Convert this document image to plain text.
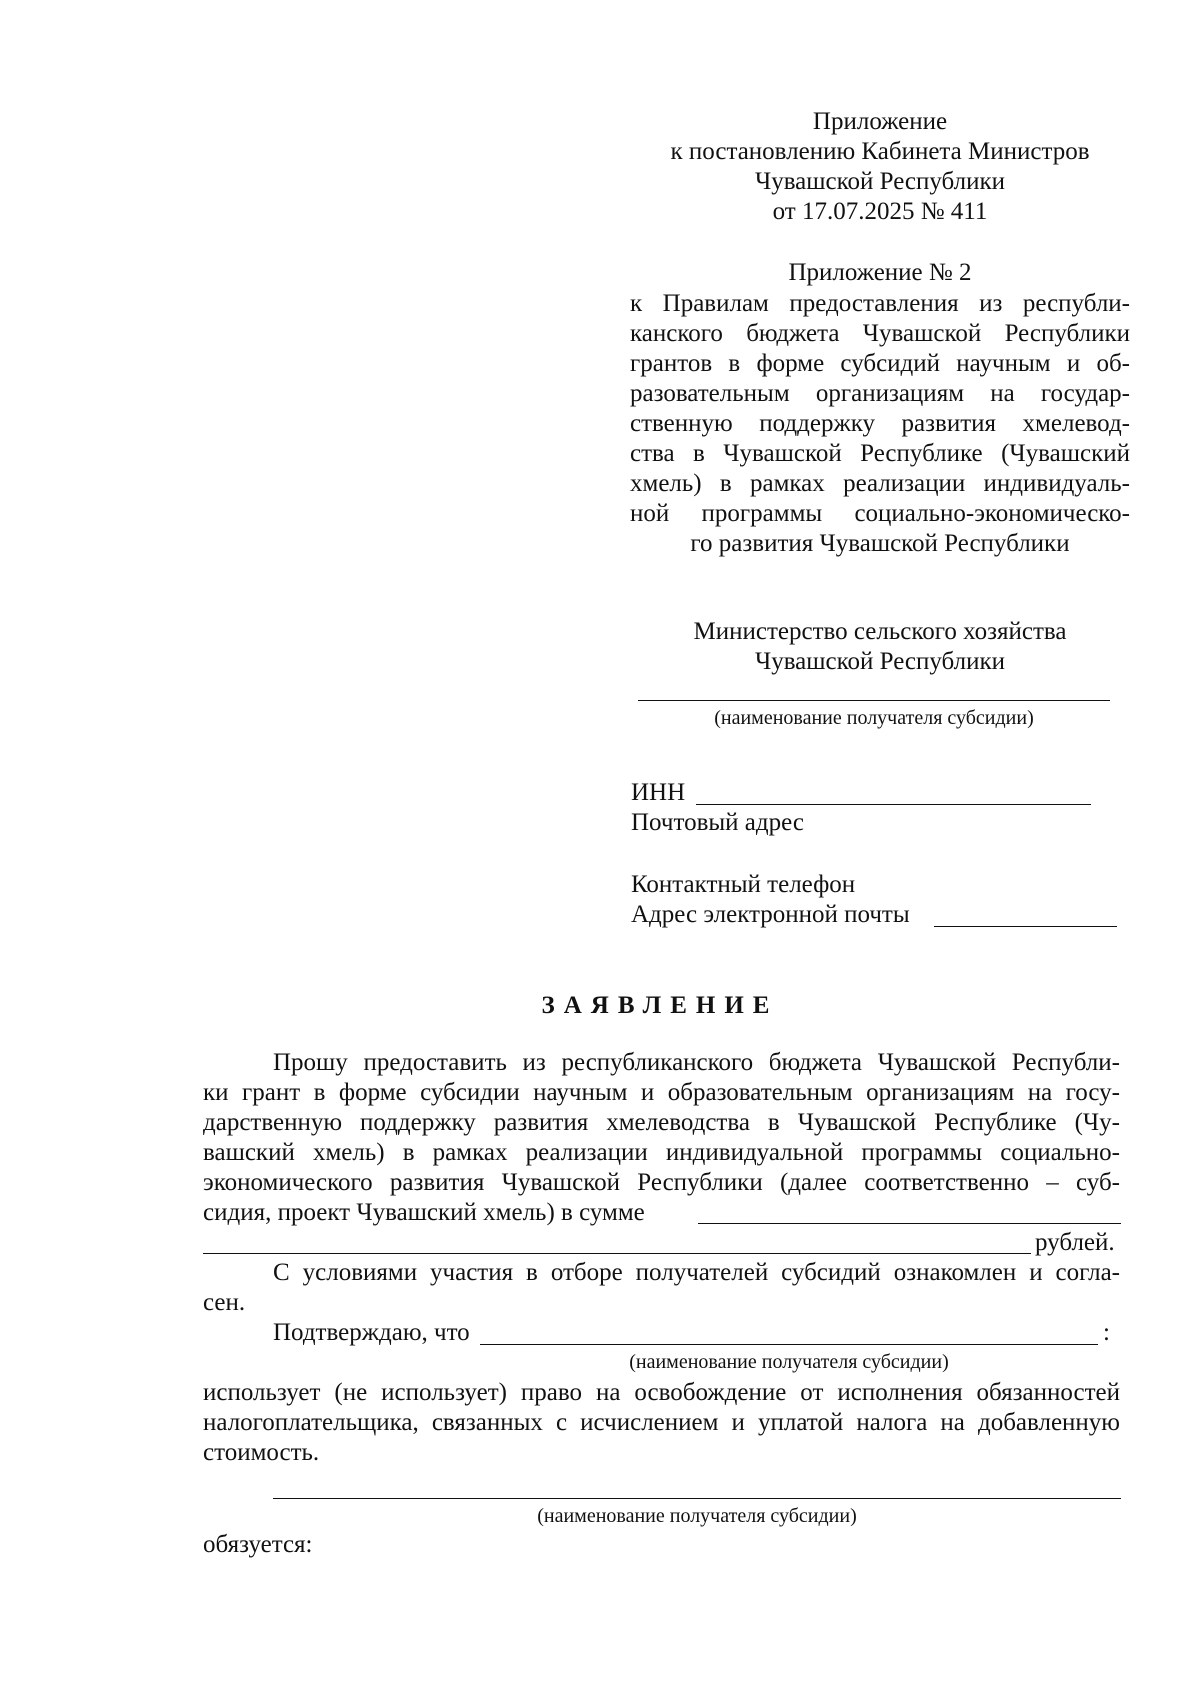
Приложение
к постановлению Кабинета Министров
Чувашской Республики
от 17.07.2025 № 411
Приложение № 2
к Правилам предоставления из республи-
канского бюджета Чувашской Республики
грантов в форме субсидий научным и об-
разовательным организациям на государ-
ственную поддержку развития хмелевод-
ства в Чувашской Республике (Чувашский
хмель) в рамках реализации индивидуаль-
ной программы социально-экономическо-
го развития Чувашской Республики
Министерство сельского хозяйства
Чувашской Республики
(наименование получателя субсидии)
ИНН
Почтовый адрес
Контактный телефон
Адрес электронной почты
ЗАЯВЛЕНИЕ
Прошу предоставить из республиканского бюджета Чувашской Республи-
ки грант в форме субсидии научным и образовательным организациям на госу-
дарственную поддержку развития хмелеводства в Чувашской Республике (Чу-
вашский хмель) в рамках реализации индивидуальной программы социально-
экономического развития Чувашской Республики (далее соответственно – суб-
сидия, проект Чувашский хмель) в сумме
рублей.
С условиями участия в отборе получателей субсидий ознакомлен и согла-
сен.
Подтверждаю, что	:
(наименование получателя субсидии)
использует (не использует) право на освобождение от исполнения обязанностей
налогоплательщика, связанных с исчислением и уплатой налога на добавленную
стоимость.
(наименование получателя субсидии)
обязуется:
